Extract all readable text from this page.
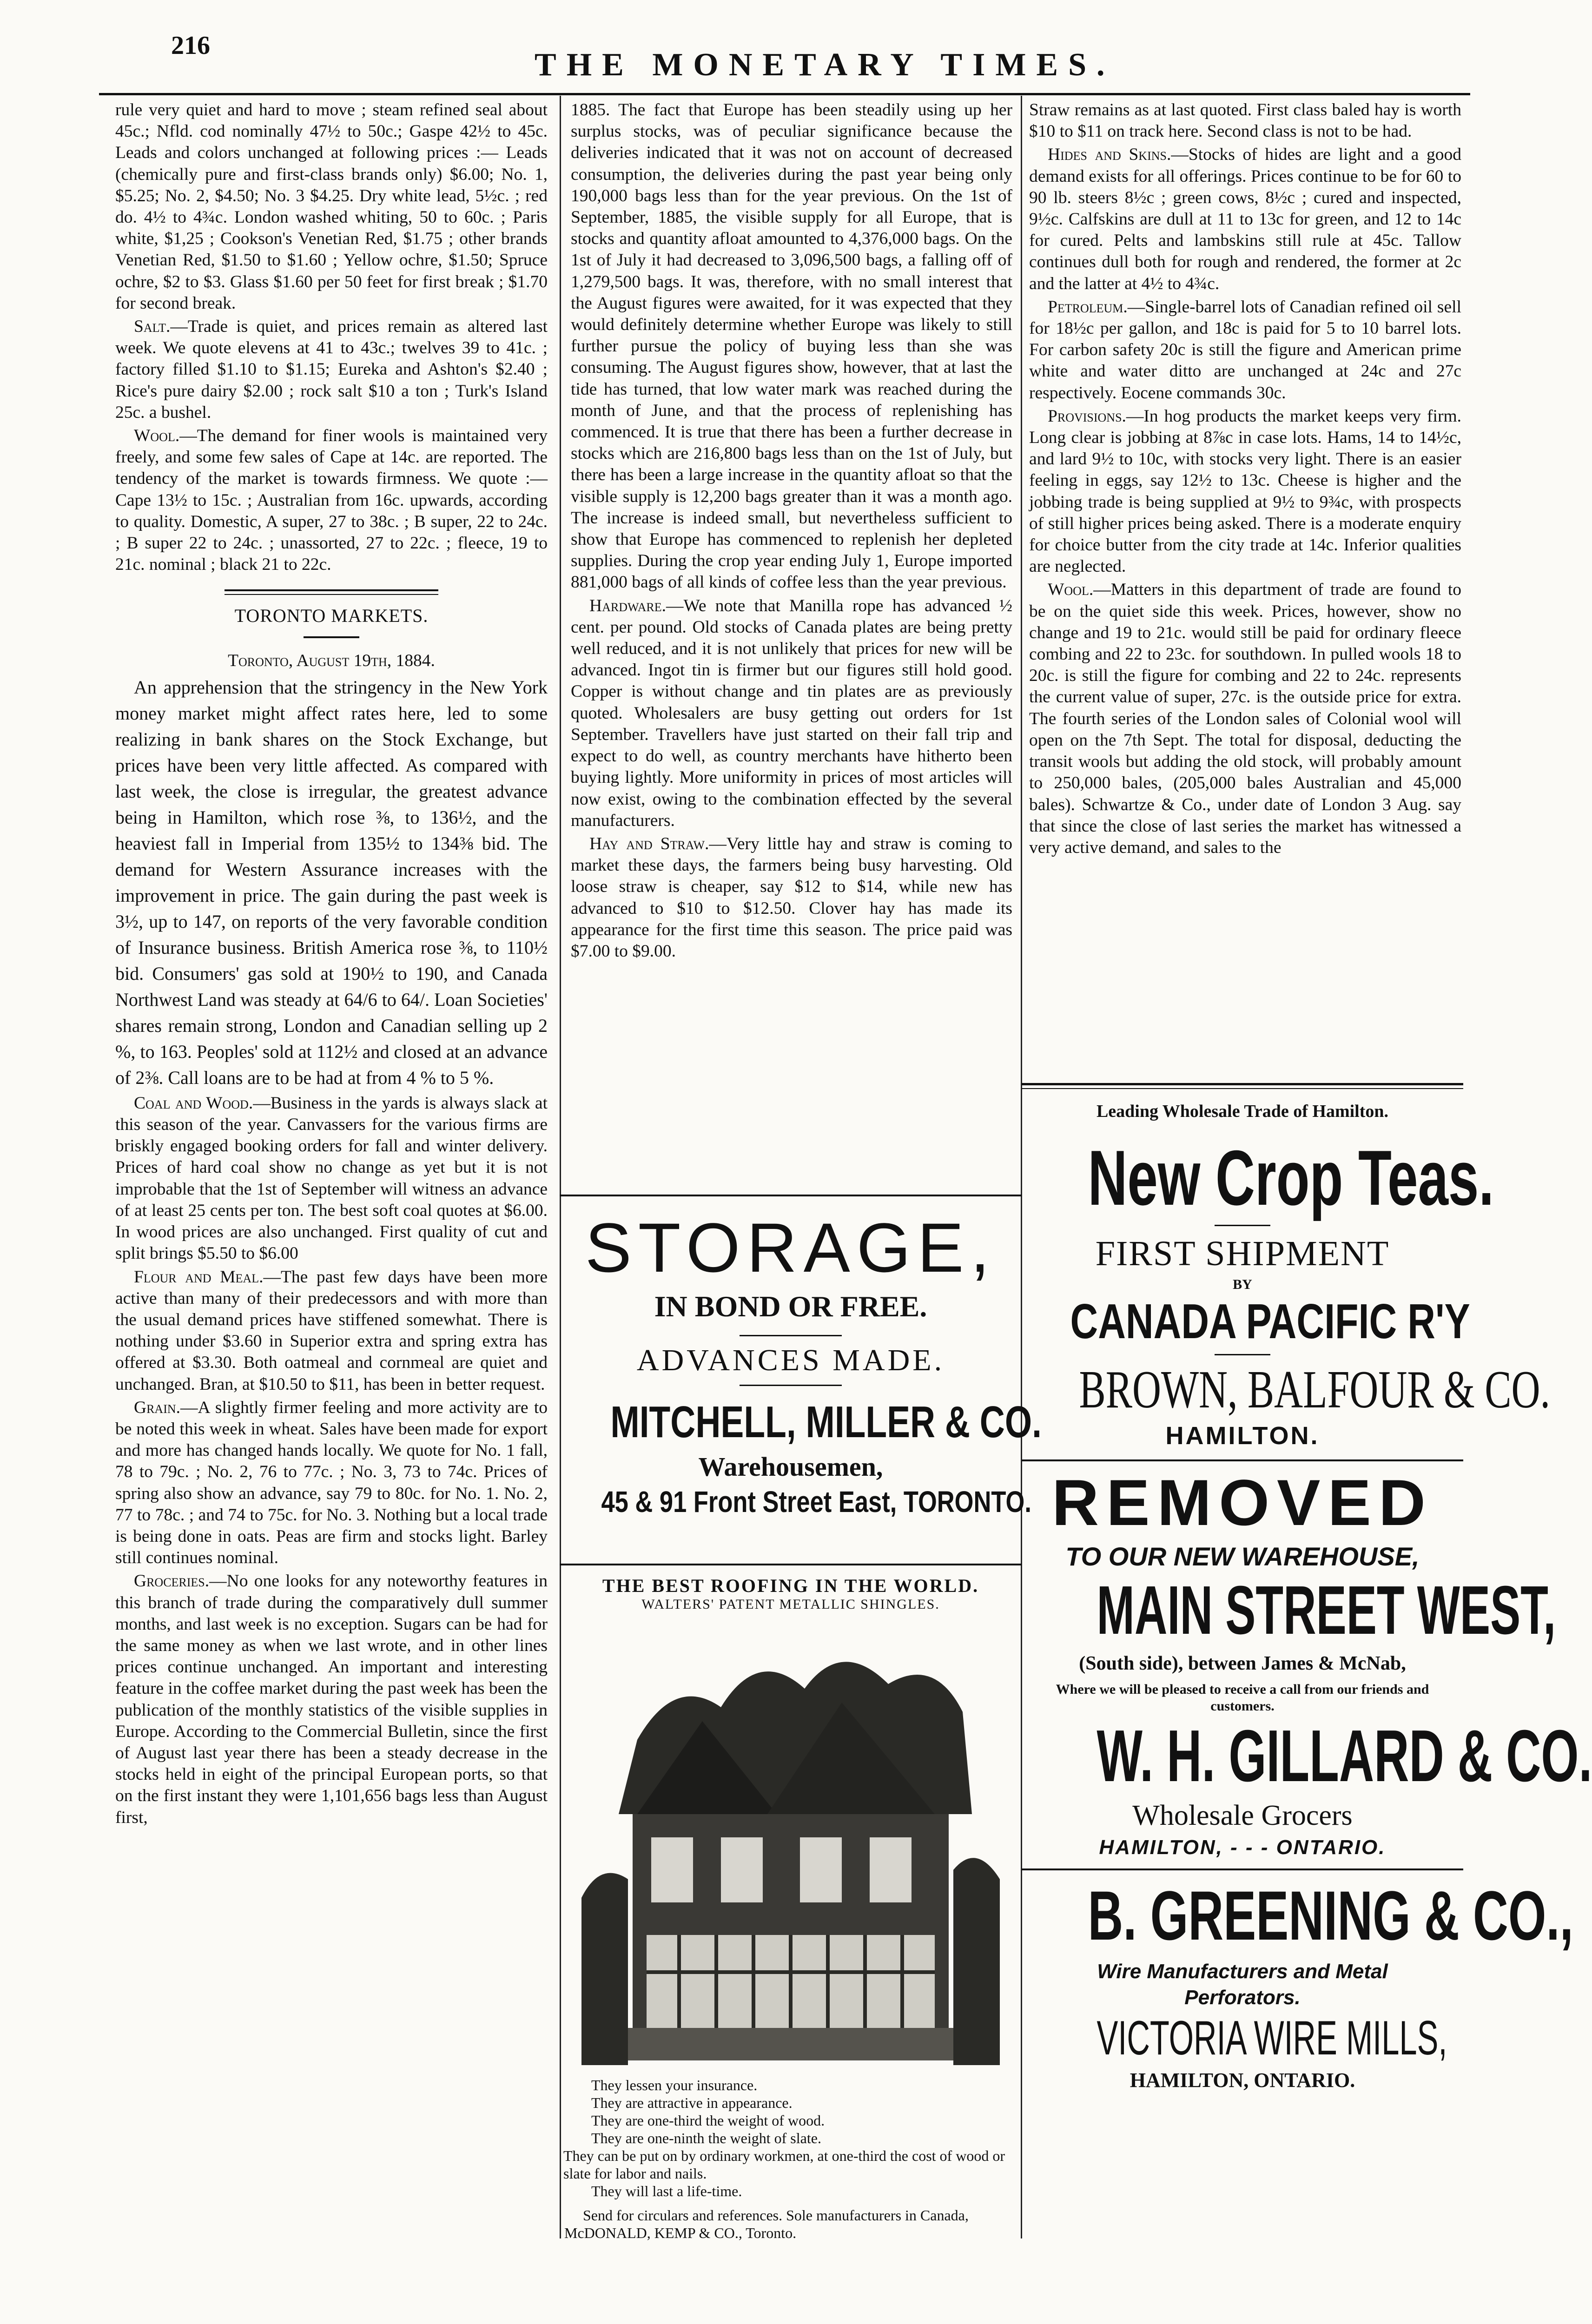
216
THE MONETARY TIMES.

rule very quiet and hard to move ; steam refined seal about 45c.; Nfld. cod nominally 47½ to 50c.; Gaspe 42½ to 45c. Leads and colors unchanged at following prices :— Leads (chemically pure and first-class brands only) $6.00; No. 1, $5.25; No. 2, $4.50; No. 3 $4.25. Dry white lead, 5½c. ; red do. 4½ to 4¾c. London washed whiting, 50 to 60c. ; Paris white, $1,25 ; Cookson's Venetian Red, $1.75 ; other brands Venetian Red, $1.50 to $1.60 ; Yellow ochre, $1.50; Spruce ochre, $2 to $3. Glass $1.60 per 50 feet for first break ; $1.70 for second break.

Salt.—Trade is quiet, and prices remain as altered last week. We quote elevens at 41 to 43c.; twelves 39 to 41c. ; factory filled $1.10 to $1.15; Eureka and Ashton's $2.40 ; Rice's pure dairy $2.00 ; rock salt $10 a ton ; Turk's Island 25c. a bushel.

Wool.—The demand for finer wools is maintained very freely, and some few sales of Cape at 14c. are reported. The tendency of the market is towards firmness. We quote :— Cape 13½ to 15c. ; Australian from 16c. upwards, according to quality. Domestic, A super, 27 to 38c. ; B super, 22 to 24c. ; B super 22 to 24c. ; unassorted, 27 to 22c. ; fleece, 19 to 21c. nominal ; black 21 to 22c.

TORONTO MARKETS.

Toronto, August 19th, 1884.

An apprehension that the stringency in the New York money market might affect rates here, led to some realizing in bank shares on the Stock Exchange, but prices have been very little affected. As compared with last week, the close is irregular, the greatest advance being in Hamilton, which rose ⅜, to 136½, and the heaviest fall in Imperial from 135½ to 134⅜ bid. The demand for Western Assurance increases with the improvement in price. The gain during the past week is 3½, up to 147, on reports of the very favorable condition of Insurance business. British America rose ⅜, to 110½ bid. Consumers' gas sold at 190½ to 190, and Canada Northwest Land was steady at 64/6 to 64/. Loan Societies' shares remain strong, London and Canadian selling up 2 %, to 163. Peoples' sold at 112½ and closed at an advance of 2⅜. Call loans are to be had at from 4 % to 5 %.

Coal and Wood.—Business in the yards is always slack at this season of the year. Canvassers for the various firms are briskly engaged booking orders for fall and winter delivery. Prices of hard coal show no change as yet but it is not improbable that the 1st of September will witness an advance of at least 25 cents per ton. The best soft coal quotes at $6.00. In wood prices are also unchanged. First quality of cut and split brings $5.50 to $6.00

Flour and Meal.—The past few days have been more active than many of their predecessors and with more than the usual demand prices have stiffened somewhat. There is nothing under $3.60 in Superior extra and spring extra has offered at $3.30. Both oatmeal and cornmeal are quiet and unchanged. Bran, at $10.50 to $11, has been in better request.

Grain.—A slightly firmer feeling and more activity are to be noted this week in wheat. Sales have been made for export and more has changed hands locally. We quote for No. 1 fall, 78 to 79c. ; No. 2, 76 to 77c. ; No. 3, 73 to 74c. Prices of spring also show an advance, say 79 to 80c. for No. 1. No. 2, 77 to 78c. ; and 74 to 75c. for No. 3. Nothing but a local trade is being done in oats. Peas are firm and stocks light. Barley still continues nominal.

Groceries.—No one looks for any noteworthy features in this branch of trade during the comparatively dull summer months, and last week is no exception. Sugars can be had for the same money as when we last wrote, and in other lines prices continue unchanged. An important and interesting feature in the coffee market during the past week has been the publication of the monthly statistics of the visible supplies in Europe. According to the Commercial Bulletin, since the first of August last year there has been a steady decrease in the stocks held in eight of the principal European ports, so that on the first instant they were 1,101,656 bags less than August first,

1885. The fact that Europe has been steadily using up her surplus stocks, was of peculiar significance because the deliveries indicated that it was not on account of decreased consumption, the deliveries during the past year being only 190,000 bags less than for the year previous. On the 1st of September, 1885, the visible supply for all Europe, that is stocks and quantity afloat amounted to 4,376,000 bags. On the 1st of July it had decreased to 3,096,500 bags, a falling off of 1,279,500 bags. It was, therefore, with no small interest that the August figures were awaited, for it was expected that they would definitely determine whether Europe was likely to still further pursue the policy of buying less than she was consuming. The August figures show, however, that at last the tide has turned, that low water mark was reached during the month of June, and that the process of replenishing has commenced. It is true that there has been a further decrease in stocks which are 216,800 bags less than on the 1st of July, but there has been a large increase in the quantity afloat so that the visible supply is 12,200 bags greater than it was a month ago. The increase is indeed small, but nevertheless sufficient to show that Europe has commenced to replenish her depleted supplies. During the crop year ending July 1, Europe imported 881,000 bags of all kinds of coffee less than the year previous.

Hardware.—We note that Manilla rope has advanced ½ cent. per pound. Old stocks of Canada plates are being pretty well reduced, and it is not unlikely that prices for new will be advanced. Ingot tin is firmer but our figures still hold good. Copper is without change and tin plates are as previously quoted. Wholesalers are busy getting out orders for 1st September. Travellers have just started on their fall trip and expect to do well, as country merchants have hitherto been buying lightly. More uniformity in prices of most articles will now exist, owing to the combination effected by the several manufacturers.

Hay and Straw.—Very little hay and straw is coming to market these days, the farmers being busy harvesting. Old loose straw is cheaper, say $12 to $14, while new has advanced to $10 to $12.50. Clover hay has made its appearance for the first time this season. The price paid was $7.00 to $9.00.

STORAGE,
IN BOND OR FREE.
ADVANCES MADE.
MITCHELL, MILLER & CO.
Warehousemen,
45 & 91 Front Street East, TORONTO.
THE BEST ROOFING IN THE WORLD.
WALTERS' PATENT METALLIC SHINGLES.
They lessen your insurance.
They are attractive in appearance.
They are one-third the weight of wood.
They are one-ninth the weight of slate.
They can be put on by ordinary workmen, at one-third the cost of wood or slate for labor and nails.
They will last a life-time.
Send for circulars and references. Sole manufacturers in Canada, McDONALD, KEMP & CO., Toronto.

Straw remains as at last quoted. First class baled hay is worth $10 to $11 on track here. Second class is not to be had.

Hides and Skins.—Stocks of hides are light and a good demand exists for all offerings. Prices continue to be for 60 to 90 lb. steers 8½c ; green cows, 8½c ; cured and inspected, 9½c. Calfskins are dull at 11 to 13c for green, and 12 to 14c for cured. Pelts and lambskins still rule at 45c. Tallow continues dull both for rough and rendered, the former at 2c and the latter at 4½ to 4¾c.

Petroleum.—Single-barrel lots of Canadian refined oil sell for 18½c per gallon, and 18c is paid for 5 to 10 barrel lots. For carbon safety 20c is still the figure and American prime white and water ditto are unchanged at 24c and 27c respectively. Eocene commands 30c.

Provisions.—In hog products the market keeps very firm. Long clear is jobbing at 8⅞c in case lots. Hams, 14 to 14½c, and lard 9½ to 10c, with stocks very light. There is an easier feeling in eggs, say 12½ to 13c. Cheese is higher and the jobbing trade is being supplied at 9½ to 9¾c, with prospects of still higher prices being asked. There is a moderate enquiry for choice butter from the city trade at 14c. Inferior qualities are neglected.

Wool.—Matters in this department of trade are found to be on the quiet side this week. Prices, however, show no change and 19 to 21c. would still be paid for ordinary fleece combing and 22 to 23c. for southdown. In pulled wools 18 to 20c. is still the figure for combing and 22 to 24c. represents the current value of super, 27c. is the outside price for extra. The fourth series of the London sales of Colonial wool will open on the 7th Sept. The total for disposal, deducting the transit wools but adding the old stock, will probably amount to 250,000 bales, (205,000 bales Australian and 45,000 bales). Schwartze & Co., under date of London 3 Aug. say that since the close of last series the market has witnessed a very active demand, and sales to the

Leading Wholesale Trade of Hamilton.
New Crop Teas.
FIRST SHIPMENT
BY
CANADA PACIFIC R'Y
BROWN, BALFOUR & CO.
HAMILTON.
REMOVED
TO OUR NEW WAREHOUSE,
MAIN STREET WEST,
(South side), between James & McNab,
Where we will be pleased to receive a call from our friends and customers.
W. H. GILLARD & CO.
Wholesale Grocers
HAMILTON, - - - ONTARIO.
B. GREENING & CO.,
Wire Manufacturers and Metal Perforators.
VICTORIA WIRE MILLS,
HAMILTON, ONTARIO.
